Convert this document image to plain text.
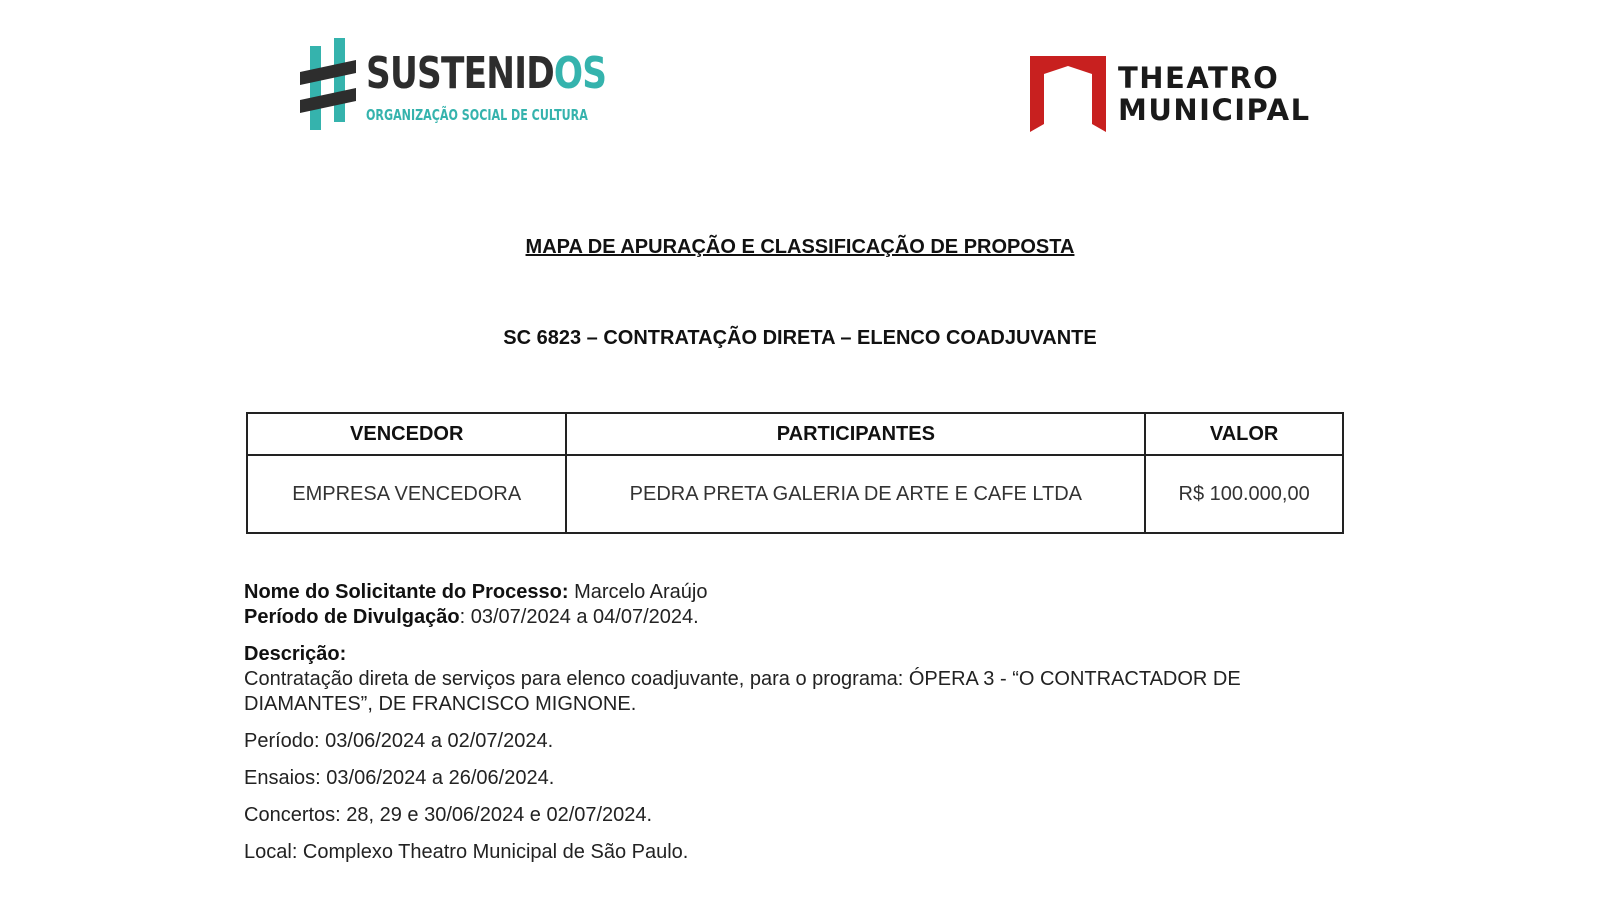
SUSTENIDOS
ORGANIZAÇÃO SOCIAL DE CULTURA
THEATRO
MUNICIPAL
MAPA DE APURAÇÃO E CLASSIFICAÇÃO DE PROPOSTA
SC 6823 – CONTRATAÇÃO DIRETA – ELENCO COADJUVANTE
VENCEDOR	PARTICIPANTES	VALOR
EMPRESA VENCEDORA	PEDRA PRETA GALERIA DE ARTE E CAFE LTDA	R$ 100.000,00

Nome do Solicitante do Processo: Marcelo Araújo

Período de Divulgação: 03/07/2024 a 04/07/2024.

Descrição:

Contratação direta de serviços para elenco coadjuvante, para o programa: ÓPERA 3 - “O CONTRACTADOR DE

DIAMANTES”, DE FRANCISCO MIGNONE.

Período: 03/06/2024 a 02/07/2024.

Ensaios: 03/06/2024 a 26/06/2024.

Concertos: 28, 29 e 30/06/2024 e 02/07/2024.

Local: Complexo Theatro Municipal de São Paulo.
